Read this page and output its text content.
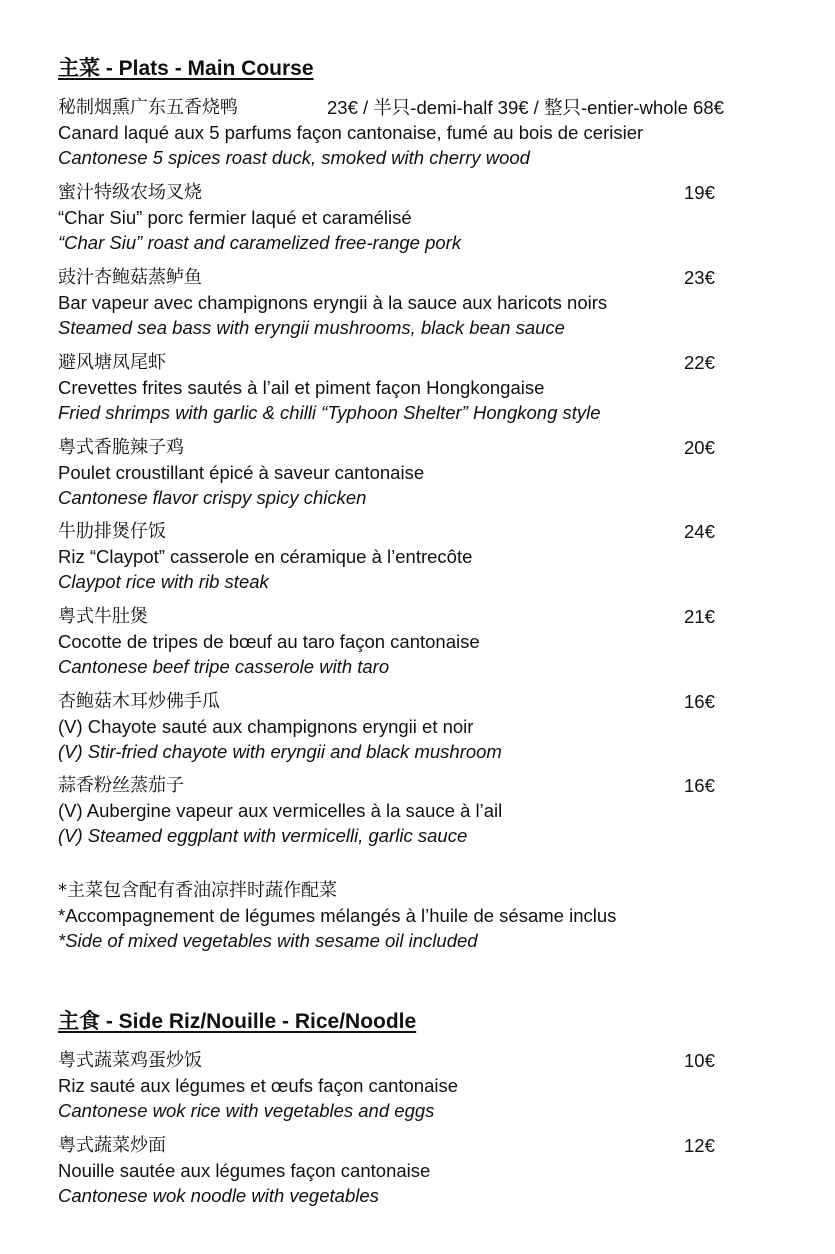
主菜 - Plats - Main Course
秘制烟熏广东五香烧鸭	23€ / 半只-demi-half 39€ / 整只-entier-whole 68€
Canard laqué aux 5 parfums façon cantonaise, fumé au bois de cerisier
Cantonese 5 spices roast duck, smoked with cherry wood
蜜汁特级农场叉烧	19€
“Char Siu” porc fermier laqué et caramélisé
“Char Siu” roast and caramelized free-range pork
豉汁杏鲍菇蒸鲈鱼	23€
Bar vapeur avec champignons eryngii à la sauce aux haricots noirs
Steamed sea bass with eryngii mushrooms, black bean sauce
避风塘凤尾虾	22€
Crevettes frites sautés à l’ail et piment façon Hongkongaise
Fried shrimps with garlic & chilli “Typhoon Shelter” Hongkong style
粤式香脆辣子鸡	20€
Poulet croustillant épicé à saveur cantonaise
Cantonese flavor crispy spicy chicken
牛肋排煲仔饭	24€
Riz “Claypot” casserole en céramique à l’entrecôte
Claypot rice with rib steak
粤式牛肚煲	21€
Cocotte de tripes de bœuf au taro façon cantonaise
Cantonese beef tripe casserole with taro
杏鲍菇木耳炒佛手瓜	16€
(V) Chayote sauté aux champignons eryngii et noir
(V) Stir-fried chayote with eryngii and black mushroom
蒜香粉丝蒸茄子	16€
(V) Aubergine vapeur aux vermicelles à la sauce à l’ail
(V) Steamed eggplant with vermicelli, garlic sauce
*主菜包含配有香油凉拌时蔬作配菜
*Accompagnement de légumes mélangés à l’huile de sésame inclus
*Side of mixed vegetables with sesame oil included
主食 - Side Riz/Nouille - Rice/Noodle
粤式蔬菜鸡蛋炒饭	10€
Riz sauté aux légumes et œufs façon cantonaise
Cantonese wok rice with vegetables and eggs
粤式蔬菜炒面	12€
Nouille sautée aux légumes façon cantonaise
Cantonese wok noodle with vegetables
